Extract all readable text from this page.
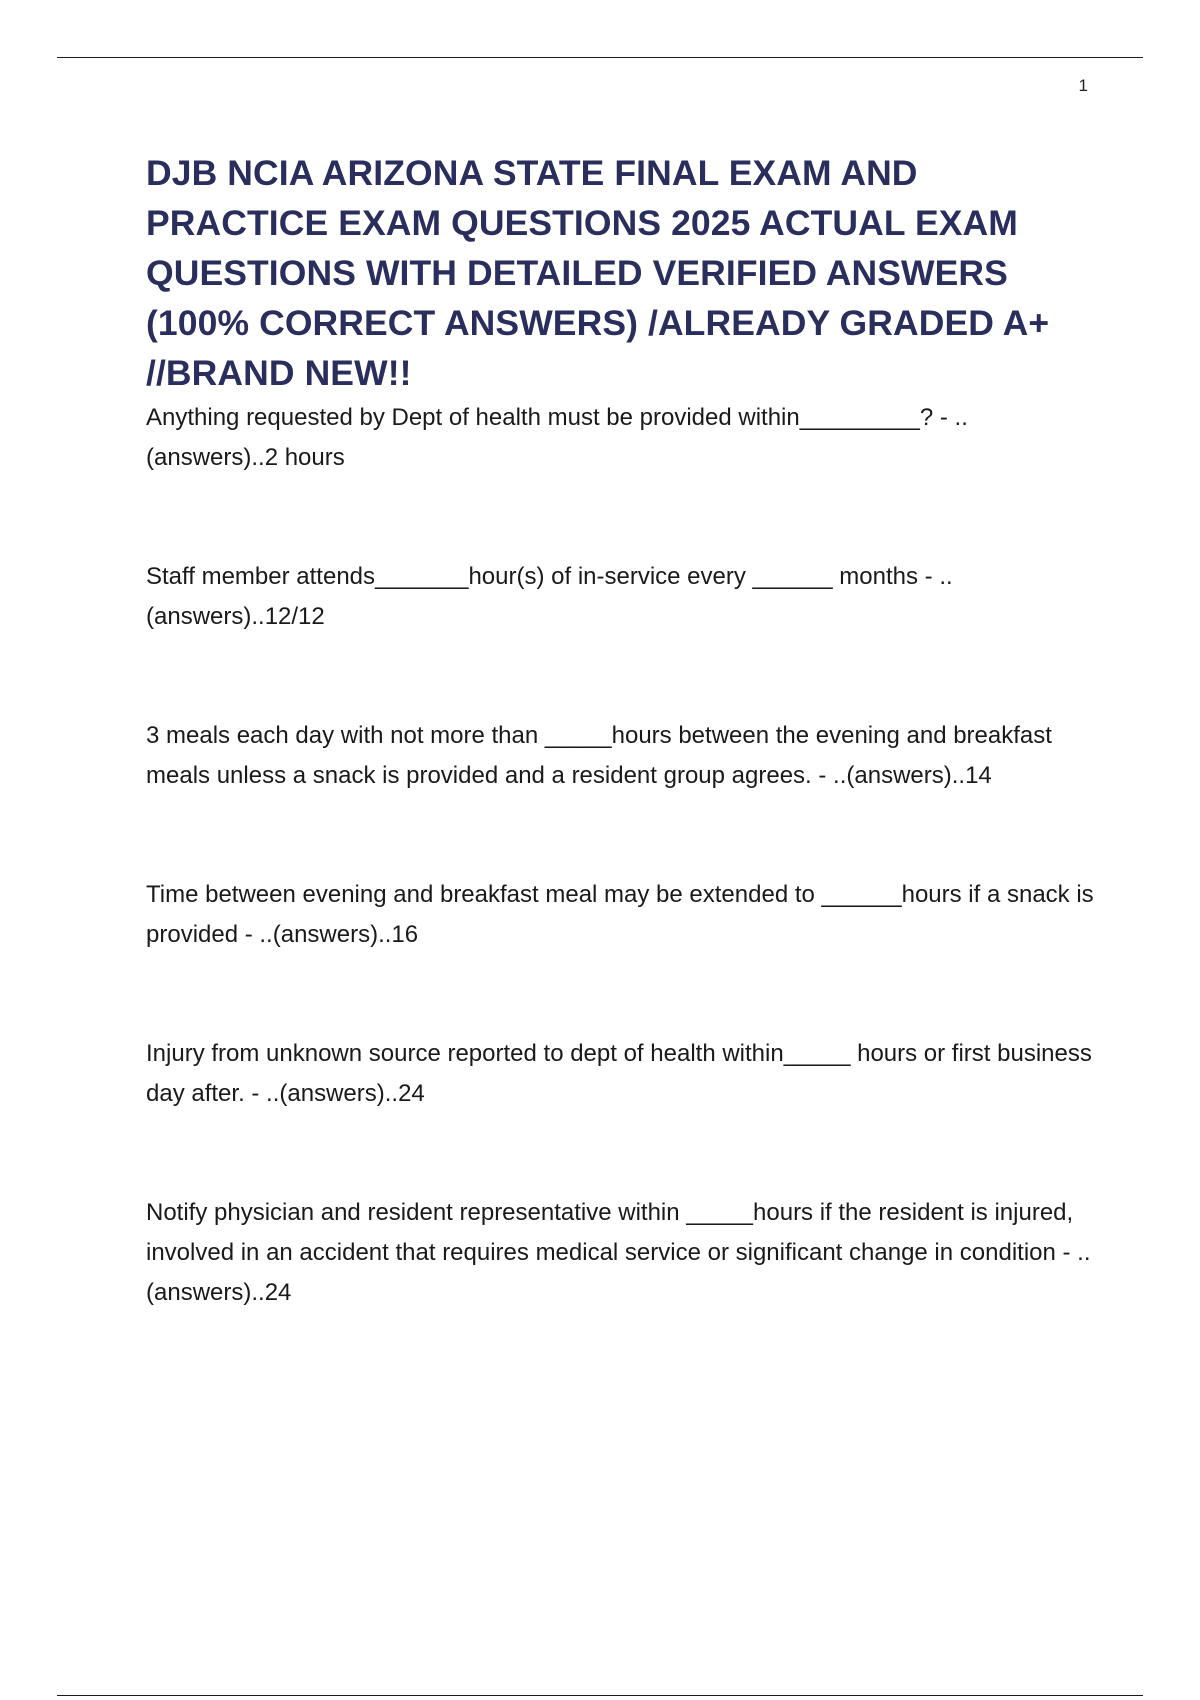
1
DJB NCIA ARIZONA STATE FINAL EXAM AND PRACTICE EXAM QUESTIONS 2025 ACTUAL EXAM QUESTIONS WITH DETAILED VERIFIED ANSWERS (100% CORRECT ANSWERS) /ALREADY GRADED A+ //BRAND NEW!!
Anything requested by Dept of health must be provided within_________? - ..(answers)..2 hours
Staff member attends_______hour(s) of in-service every ______ months - ..(answers)..12/12
3 meals each day with not more than _____hours between the evening and breakfast meals unless a snack is provided and a resident group agrees. - ..(answers)..14
Time between evening and breakfast meal may be extended to ______hours if a snack is provided - ..(answers)..16
Injury from unknown source reported to dept of health within_____ hours or first business day after. - ..(answers)..24
Notify physician and resident representative within _____hours if the resident is injured, involved in an accident that requires medical service or significant change in condition - ..(answers)..24
